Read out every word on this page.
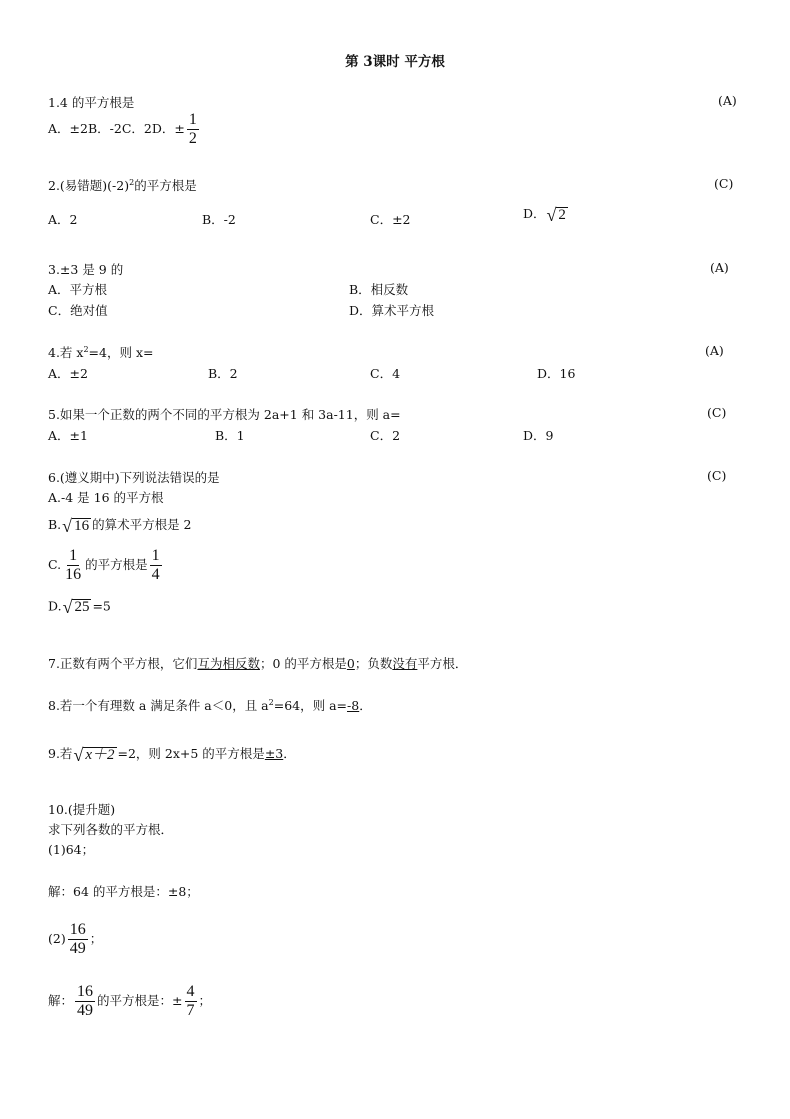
第 3课时 平方根
1.4 的平方根是	(A)
A．±2B．-2C．2D．± $\frac{1}{2}$
2.(易错题)$(-2)^2$的平方根是	(C)
A．2	B．-2	C．±2	D． √ 2
3.±3 是 9 的	(A)
A．平方根	B．相反数
C．绝对值	D．算术平方根
4.若 $x^2=4$，则 x=	(A)
A．±2	B．2	C．4	D．16
5.如果一个正数的两个不同的平方根为 2a+1 和 3a-11，则 a=	(C)
A．±1	B．1	C．2	D．9
6.(遵义期中)下列说法错误的是	(C)
A.-4 是 16 的平方根
B. √ 16 的算术平方根是 2
C. $\frac{1}{16}$ 的平方根是 $\frac{1}{4}$
D. √ 25 =5
7.正数有两个平方根，它们互为相反数；0 的平方根是0；负数没有平方根．
8.若一个有理数 a 满足条件 a＜0，且 $a^2=64$，则 a=-8．
9.若 √ x＋2 =2，则 2x+5 的平方根是±3．
10.(提升题)
求下列各数的平方根．
(1)64；
解：64 的平方根是：±8；
$(2) \frac{16}{49}$ ；
解： $\frac{16}{49}$ 的平方根是：± $\frac{4}{7}$ ；
